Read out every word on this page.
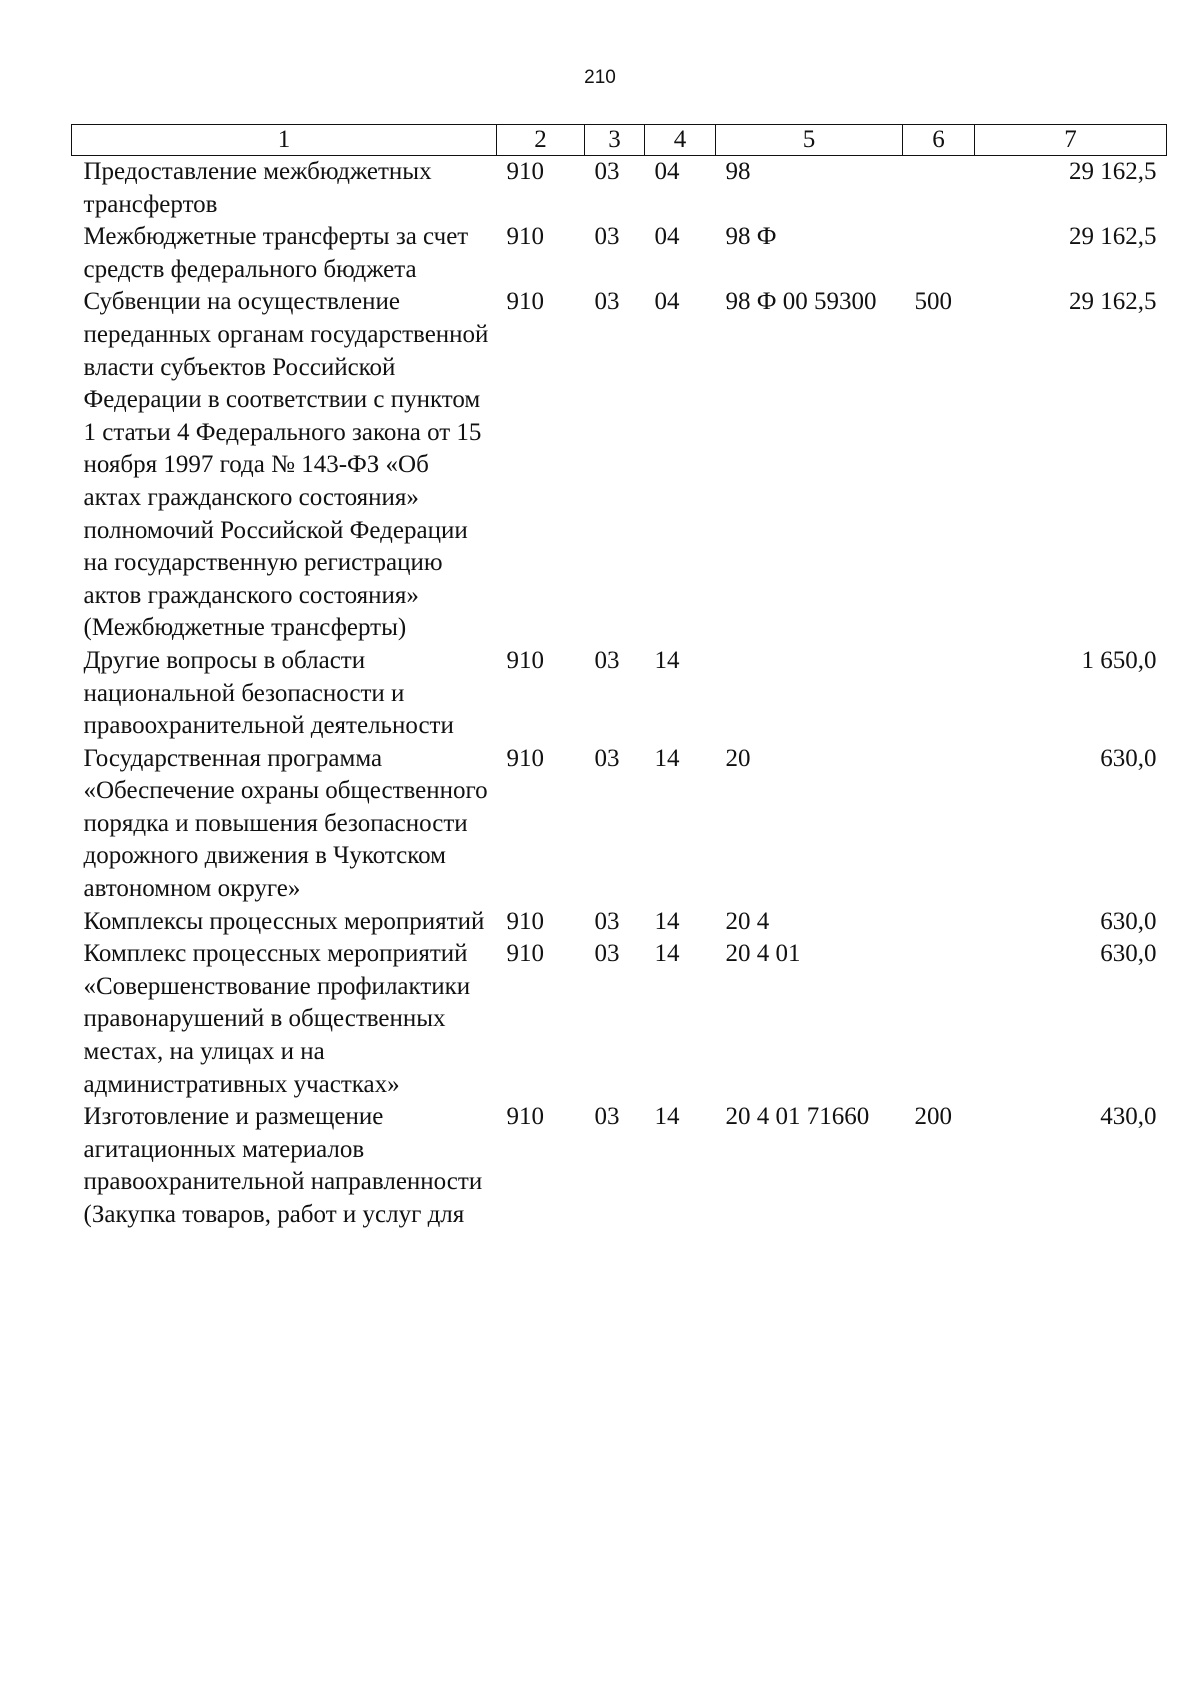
210
1	2	3	4	5	6	7
Предоставление межбюджетных трансфертов	910	03	04	98		29 162,5
Межбюджетные трансферты за счет средств федерального бюджета	910	03	04	98 Ф		29 162,5
Субвенции на осуществление переданных органам государственной власти субъектов Российской Федерации в соответствии с пунктом 1 статьи 4 Федерального закона от 15 ноября 1997 года № 143-ФЗ «Об актах гражданского состояния» полномочий Российской Федерации на государственную регистрацию актов гражданского состояния» (Межбюджетные трансферты)	910	03	04	98 Ф 00 59300	500	29 162,5
Другие вопросы в области национальной безопасности и правоохранительной деятельности	910	03	14			1 650,0
Государственная программа «Обеспечение охраны общественного порядка и повышения безопасности дорожного движения в Чукотском автономном округе»	910	03	14	20		630,0
Комплексы процессных мероприятий	910	03	14	20 4		630,0
Комплекс процессных мероприятий «Совершенствование профилактики правонарушений в общественных местах, на улицах и на административных участках»	910	03	14	20 4 01		630,0
Изготовление и размещение агитационных материалов правоохранительной направленности (Закупка товаров, работ и услуг для	910	03	14	20 4 01 71660	200	430,0
